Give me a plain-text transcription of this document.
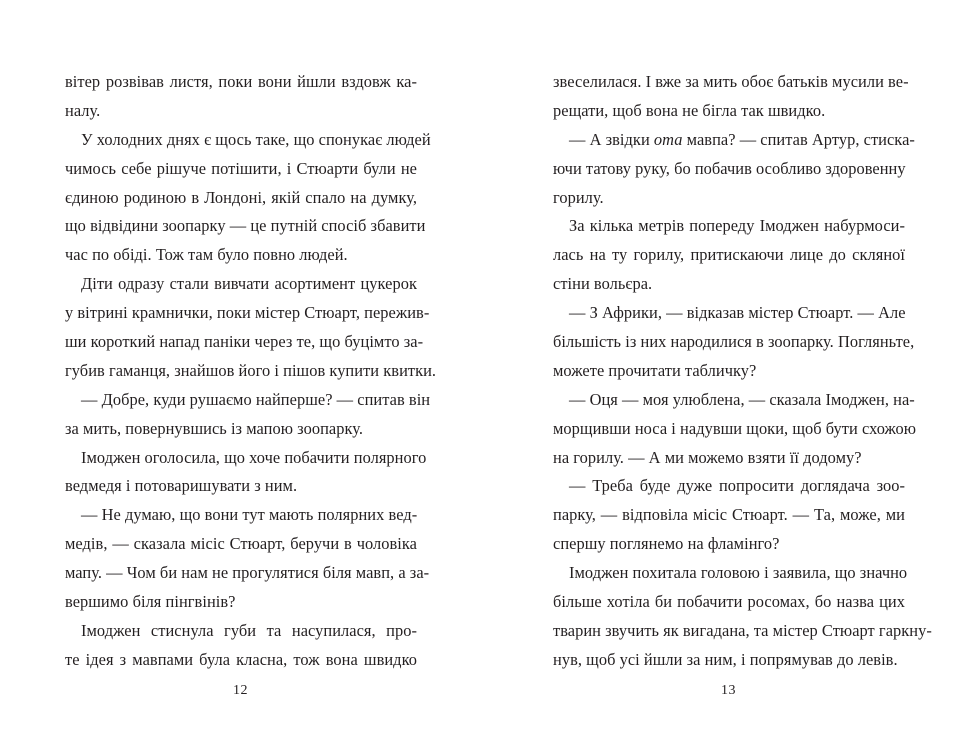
вітер розвівав листя, поки вони йшли вздовж ка-
налу.
У холодних днях є щось таке, що спонукає людей
чимось себе рішуче потішити, і Стюарти були не
єдиною родиною в Лондоні, якій спало на думку,
що відвідини зоопарку — це путній спосіб збавити
час по обіді. Тож там було повно людей.
Діти одразу стали вивчати асортимент цукерок
у вітрині крамнички, поки містер Стюарт, пережив-
ши короткий напад паніки через те, що буцімто за-
губив гаманця, знайшов його і пішов купити квитки.
— Добре, куди рушаємо найперше? — спитав він
за мить, повернувшись із мапою зоопарку.
Імоджен оголосила, що хоче побачити полярного
ведмедя і потоваришувати з ним.
— Не думаю, що вони тут мають полярних вед-
медів, — сказала місіс Стюарт, беручи в чоловіка
мапу. — Чом би нам не прогулятися біля мавп, а за-
вершимо біля пінгвінів?
Імоджен стиснула губи та насупилася, про-
те ідея з мавпами була класна, тож вона швидко
12
звеселилася. І вже за мить обоє батьків мусили ве-
рещати, щоб вона не бігла так швидко.
— А звідки ота мавпа? — спитав Артур, стиска-
ючи татову руку, бо побачив особливо здоровенну
горилу.
За кілька метрів попереду Імоджен набурмоси-
лась на ту горилу, притискаючи лице до скляної
стіни вольєра.
— З Африки, — відказав містер Стюарт. — Але
більшість із них народилися в зоопарку. Погляньте,
можете прочитати табличку?
— Оця — моя улюблена, — сказала Імоджен, на-
морщивши носа і надувши щоки, щоб бути схожою
на горилу. — А ми можемо взяти її додому?
— Треба буде дуже попросити доглядача зоо-
парку, — відповіла місіс Стюарт. — Та, може, ми
спершу поглянемо на фламінго?
Імоджен похитала головою і заявила, що значно
більше хотіла би побачити росомах, бо назва цих
тварин звучить як вигадана, та містер Стюарт гаркну-
нув, щоб усі йшли за ним, і попрямував до левів.
13
